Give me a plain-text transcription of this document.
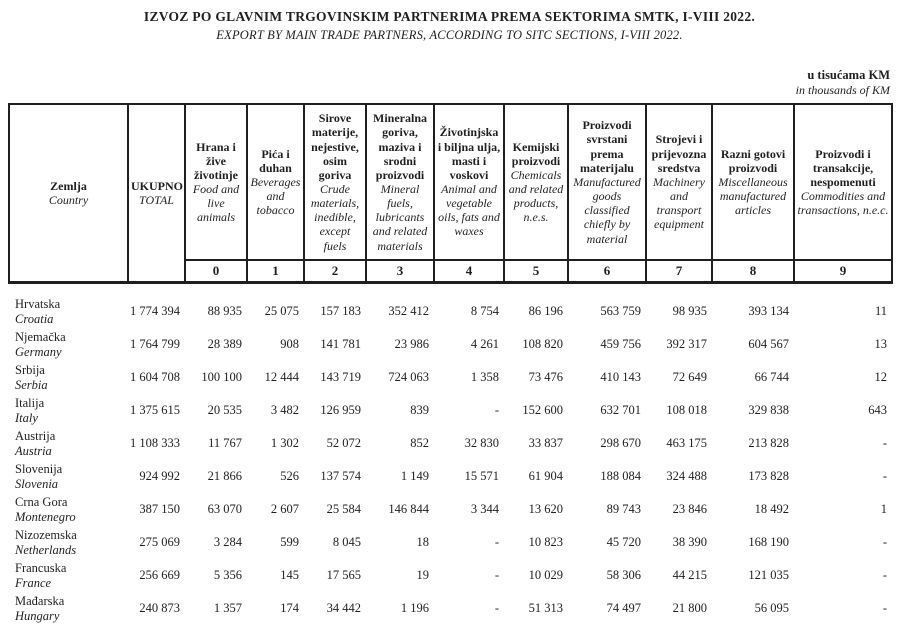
IZVOZ PO GLAVNIM TRGOVINSKIM PARTNERIMA PREMA SEKTORIMA SMTK, I-VIII 2022.
EXPORT BY MAIN TRADE PARTNERS, ACCORDING TO SITC SECTIONS, I-VIII 2022.
u tisućama KM
in thousands of KM
Zemlja
Country

UKUPNO
TOTAL

Hrana i žive životinje
Food and live animals

Pića i duhan
Beverages and tobacco

Sirove materije, nejestive, osim goriva
Crude materials, inedible, except fuels

Mineralna goriva, maziva i srodni proizvodi
Mineral fuels, lubricants and related materials

Životinjska i biljna ulja, masti i voskovi
Animal and vegetable oils, fats and waxes

Kemijski proizvodi
Chemicals and related products, n.e.s.

Proizvodi svrstani prema materijalu
Manufactured goods classified chiefly by material

Strojevi i prijevozna sredstva
Machinery and transport equipment

Razni gotovi proizvodi
Miscellaneous manufactured articles

Proizvodi i transakcije, nespomenuti
Commodities and transactions, n.e.c.

		0	1	2	3	4	5	6	7	8	9

Hrvatska
Croatia	1 774 394	88 935	25 075	157 183	352 412	8 754	86 196	563 759	98 935	393 134	11

Njemačka
Germany	1 764 799	28 389	908	141 781	23 986	4 261	108 820	459 756	392 317	604 567	13

Srbija
Serbia	1 604 708	100 100	12 444	143 719	724 063	1 358	73 476	410 143	72 649	66 744	12

Italija
Italy	1 375 615	20 535	3 482	126 959	839	-	152 600	632 701	108 018	329 838	643

Austrija
Austria	1 108 333	11 767	1 302	52 072	852	32 830	33 837	298 670	463 175	213 828	-

Slovenija
Slovenia	924 992	21 866	526	137 574	1 149	15 571	61 904	188 084	324 488	173 828	-

Crna Gora
Montenegro	387 150	63 070	2 607	25 584	146 844	3 344	13 620	89 743	23 846	18 492	1

Nizozemska
Netherlands	275 069	3 284	599	8 045	18	-	10 823	45 720	38 390	168 190	-

Francuska
France	256 669	5 356	145	17 565	19	-	10 029	58 306	44 215	121 035	-

Mađarska
Hungary	240 873	1 357	174	34 442	1 196	-	51 313	74 497	21 800	56 095	-
